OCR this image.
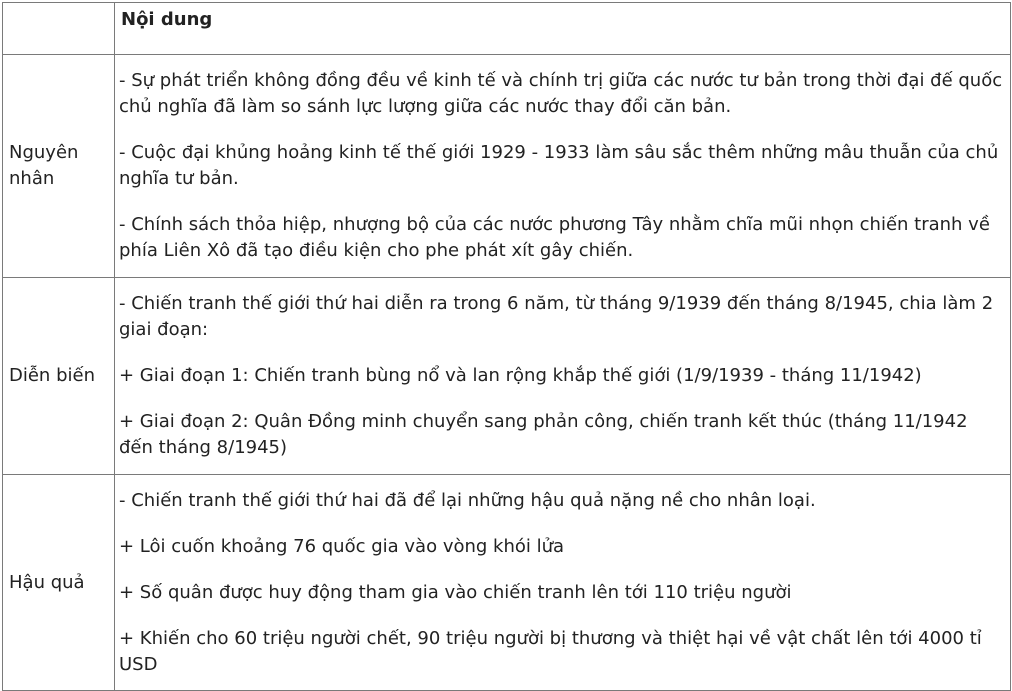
	Nội dung
Nguyên nhân	- Sự phát triển không đồng đều về kinh tế và chính trị giữa các nước tư bản trong thời đại đế quốc chủ nghĩa đã làm so sánh lực lượng giữa các nước thay đổi căn bản.

- Cuộc đại khủng hoảng kinh tế thế giới 1929 - 1933 làm sâu sắc thêm những mâu thuẫn của chủ nghĩa tư bản.

- Chính sách thỏa hiệp, nhượng bộ của các nước phương Tây nhằm chĩa mũi nhọn chiến tranh về phía Liên Xô đã tạo điều kiện cho phe phát xít gây chiến.

Diễn biến	- Chiến tranh thế giới thứ hai diễn ra trong 6 năm, từ tháng 9/1939 đến tháng 8/1945, chia làm 2 giai đoạn:

+ Giai đoạn 1: Chiến tranh bùng nổ và lan rộng khắp thế giới (1/9/1939 - tháng 11/1942)

+ Giai đoạn 2: Quân Đồng minh chuyển sang phản công, chiến tranh kết thúc (tháng 11/1942 đến tháng 8/1945)

Hậu quả	- Chiến tranh thế giới thứ hai đã để lại những hậu quả nặng nề cho nhân loại.

+ Lôi cuốn khoảng 76 quốc gia vào vòng khói lửa

+ Số quân được huy động tham gia vào chiến tranh lên tới 110 triệu người

+ Khiến cho 60 triệu người chết, 90 triệu người bị thương và thiệt hại về vật chất lên tới 4000 tỉ USD
